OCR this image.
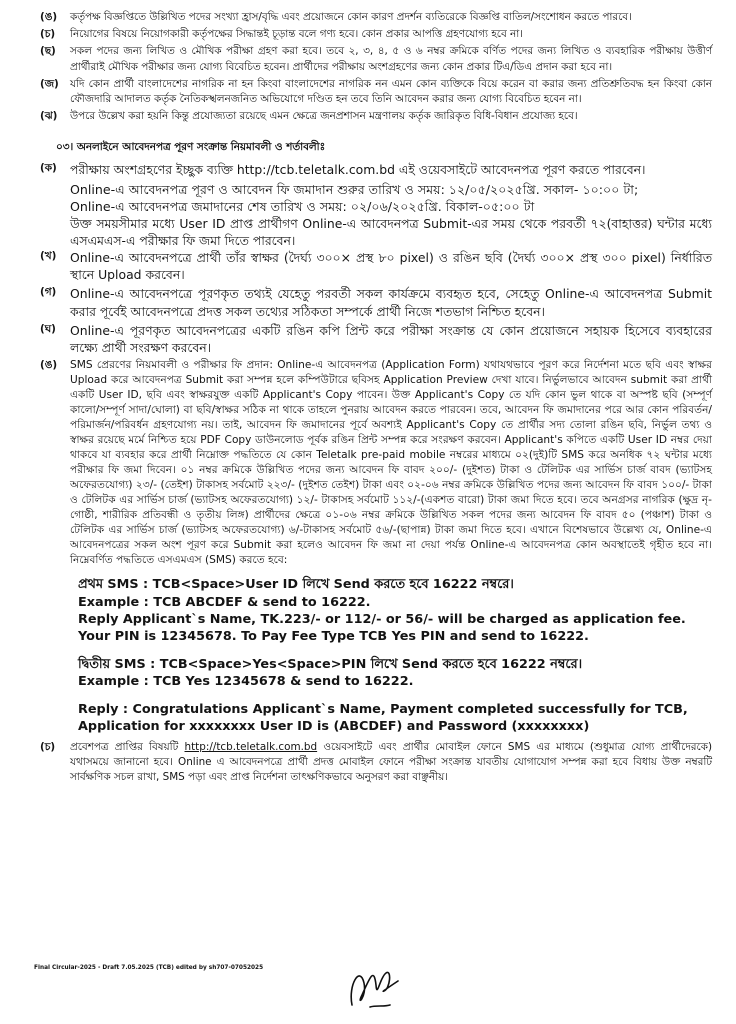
(ঙ)	কর্তৃপক্ষ বিজ্ঞপ্তিতে উল্লিখিত পদের সংখ্যা হ্রাস/বৃদ্ধি এবং প্রয়োজনে কোন কারণ প্রদর্শন ব্যতিরেকে বিজ্ঞপ্তি বাতিল/সংশোধন করতে পারবে।
(চ)	নিয়োগের বিষয়ে নিয়োগকারী কর্তৃপক্ষের সিদ্ধান্তই চূড়ান্ত বলে গণ্য হবে। কোন প্রকার আপত্তি গ্রহণযোগ্য হবে না।
(ছ)	সকল পদের জন্য লিখিত ও মৌখিক পরীক্ষা গ্রহণ করা হবে। তবে ২, ৩, ৪, ৫ ও ৬ নম্বর ক্রমিকে বর্ণিত পদের জন্য লিখিত ও ব্যবহারিক পরীক্ষায় উত্তীর্ণ প্রার্থীরাই মৌখিক পরীক্ষার জন্য যোগ্য বিবেচিত হবেন। প্রার্থীদের পরীক্ষায় অংশগ্রহণের জন্য কোন প্রকার টিএ/ডিএ প্রদান করা হবে না।
(জ)	যদি কোন প্রার্থী বাংলাদেশের নাগরিক না হন কিংবা বাংলাদেশের নাগরিক নন এমন কোন ব্যক্তিকে বিয়ে করেন বা করার জন্য প্রতিশ্রুতিবদ্ধ হন কিংবা কোন ফৌজদারি আদালত কর্তৃক নৈতিকস্খলনজনিত অভিযোগে দণ্ডিত হন তবে তিনি আবেদন করার জন্য যোগ্য বিবেচিত হবেন না।
(ঝ)	উপরে উল্লেখ করা হয়নি কিন্তু প্রযোজ্যতা রয়েছে এমন ক্ষেত্রে জনপ্রশাসন মন্ত্রণালয় কর্তৃক জারিকৃত বিধি-বিধান প্রযোজ্য হবে।
০৩। অনলাইনে আবেদনপত্র পূরণ সংক্রান্ত নিয়মাবলী ও শর্তাবলীঃ
(ক)	পরীক্ষায় অংশগ্রহণের ইচ্ছুক ব্যক্তি http://tcb.teletalk.com.bd এই ওয়েবসাইটে আবেদনপত্র পূরণ করতে পারবেন।
Online-এ আবেদনপত্র পূরণ ও আবেদন ফি জমাদান শুরুর তারিখ ও সময়: ১২/০৫/২০২৫খ্রি. সকাল- ১০:০০ টা;
Online-এ আবেদনপত্র জমাদানের শেষ তারিখ ও সময়: ০২/০৬/২০২৫খ্রি. বিকাল-০৫:০০ টা
উক্ত সময়সীমার মধ্যে User ID প্রাপ্ত প্রার্থীগণ Online-এ আবেদনপত্র Submit-এর সময় থেকে পরবর্তী ৭২(বাহাত্তর) ঘন্টার মধ্যে এসএমএস-এ পরীক্ষার ফি জমা দিতে পারবেন।
(খ)	Online-এ আবেদনপত্রে প্রার্থী তাঁর স্বাক্ষর (দৈর্ঘ্য ৩০০× প্রস্থ ৮০ pixel) ও রঙিন ছবি (দৈর্ঘ্য ৩০০× প্রস্থ ৩০০ pixel) নির্ধারিত স্থানে Upload করবেন।
(গ)	Online-এ আবেদনপত্রে পূরণকৃত তথ্যই যেহেতু পরবর্তী সকল কার্যক্রমে ব্যবহৃত হবে, সেহেতু Online-এ আবেদনপত্র Submit করার পূর্বেই আবেদনপত্রে প্রদত্ত সকল তথ্যের সঠিকতা সম্পর্কে প্রার্থী নিজে শতভাগ নিশ্চিত হবেন।
(ঘ)	Online-এ পূরণকৃত আবেদনপত্রের একটি রঙিন কপি প্রিন্ট করে পরীক্ষা সংক্রান্ত যে কোন প্রয়োজনে সহায়ক হিসেবে ব্যবহারের লক্ষ্যে প্রার্থী সংরক্ষণ করবেন।
(ঙ)	SMS প্রেরণের নিয়মাবলী ও পরীক্ষার ফি প্রদান: Online-এ আবেদনপত্র (Application Form) যথাযথভাবে পূরণ করে নির্দেশনা মতে ছবি এবং স্বাক্ষর Upload করে আবেদনপত্র Submit করা সম্পন্ন হলে কম্পিউটারে ছবিসহ Application Preview দেখা যাবে। নির্ভুলভাবে আবেদন submit করা প্রার্থী একটি User ID, ছবি এবং স্বাক্ষরযুক্ত একটি Applicant's Copy পাবেন। উক্ত Applicant's Copy তে যদি কোন ভুল থাকে বা অস্পষ্ট ছবি (সম্পূর্ণ কালো/সম্পূর্ণ সাদা/ঘোলা) বা ছবি/স্বাক্ষর সঠিক না থাকে তাহলে পুনরায় আবেদন করতে পারবেন। তবে, আবেদন ফি জমাদানের পরে আর কোন পরিবর্তন/পরিমার্জন/পরিবর্ধন গ্রহণযোগ্য নয়। তাই, আবেদন ফি জমাদানের পূর্বে অবশ্যই Applicant's Copy তে প্রার্থীর সদ্য তোলা রঙিন ছবি, নির্ভুল তথ্য ও স্বাক্ষর রয়েছে মর্মে নিশ্চিত হয়ে PDF Copy ডাউনলোড পূর্বক রঙিন প্রিন্ট সম্পন্ন করে সংরক্ষণ করবেন। Applicant's কপিতে একটি User ID নম্বর দেয়া থাকবে যা ব্যবহার করে প্রার্থী নিম্নোক্ত পদ্ধতিতে যে কোন Teletalk pre-paid mobile নম্বরের মাধ্যমে ০২(দুই)টি SMS করে অনধিক ৭২ ঘন্টার মধ্যে পরীক্ষার ফি জমা দিবেন। ০১ নম্বর ক্রমিকে উল্লিখিত পদের জন্য আবেদন ফি বাবদ ২০০/- (দুইশত) টাকা ও টেলিটক এর সার্ভিস চার্জ বাবদ (ভ্যাটসহ অফেরতযোগ্য) ২৩/- (তেইশ) টাকাসহ সর্বমোট ২২৩/- (দুইশত তেইশ) টাকা এবং ০২-০৬ নম্বর ক্রমিকে উল্লিখিত পদের জন্য আবেদন ফি বাবদ ১০০/- টাকা ও টেলিটক এর সার্ভিস চার্জ (ভ্যাটসহ অফেরতযোগ্য) ১২/- টাকাসহ সর্বমোট ১১২/-(একশত বারো) টাকা জমা দিতে হবে। তবে অনগ্রসর নাগরিক (ক্ষুদ্র নৃ-গোষ্ঠী, শারীরিক প্রতিবন্ধী ও তৃতীয় লিঙ্গ) প্রার্থীদের ক্ষেত্রে ০১-০৬ নম্বর ক্রমিকে উল্লিখিত সকল পদের জন্য আবেদন ফি বাবদ ৫০ (পঞ্চাশ) টাকা ও টেলিটক এর সার্ভিস চার্জ (ভ্যাটসহ অফেরতযোগ্য) ৬/-টাকাসহ সর্বমোট ৫৬/-(ছাপান্ন) টাকা জমা দিতে হবে। এখানে বিশেষভাবে উল্লেখ্য যে, Online-এ আবেদনপত্রের সকল অংশ পূরণ করে Submit করা হলেও আবেদন ফি জমা না দেয়া পর্যন্ত Online-এ আবেদনপত্র কোন অবস্থাতেই গৃহীত হবে না। নিম্নেবর্ণিত পদ্ধতিতে এসএমএস (SMS) করতে হবে:

প্রথম SMS : TCB<Space>User ID লিখে Send করতে হবে 16222 নম্বরে।

Example : TCB ABCDEF & send to 16222.

Reply Applicant`s Name, TK.223/- or 112/- or 56/- will be charged as application fee.

Your PIN is 12345678. To Pay Fee Type TCB Yes PIN and send to 16222.

দ্বিতীয় SMS : TCB<Space>Yes<Space>PIN লিখে Send করতে হবে 16222 নম্বরে।

Example : TCB Yes 12345678 & send to 16222.

Reply : Congratulations Applicant`s Name, Payment completed successfully for TCB,

Application for xxxxxxxx User ID is (ABCDEF) and Password (xxxxxxxx)

(চ)	প্রবেশপত্র প্রাপ্তির বিষয়টি http://tcb.teletalk.com.bd ওয়েবসাইটে এবং প্রার্থীর মোবাইল ফোনে SMS এর মাধ্যমে (শুধুমাত্র যোগ্য প্রার্থীদেরকে) যথাসময়ে জানানো হবে। Online এ আবেদনপত্রে প্রার্থী প্রদত্ত মোবাইল ফোনে পরীক্ষা সংক্রান্ত যাবতীয় যোগাযোগ সম্পন্ন করা হবে বিধায় উক্ত নম্বরটি সার্বক্ষণিক সচল রাখা, SMS পড়া এবং প্রাপ্ত নির্দেশনা তাৎক্ষণিকভাবে অনুসরণ করা বাঞ্ছনীয়।
Final Circular-2025 - Draft 7.05.2025 (TCB) edited by sh707-07052025
